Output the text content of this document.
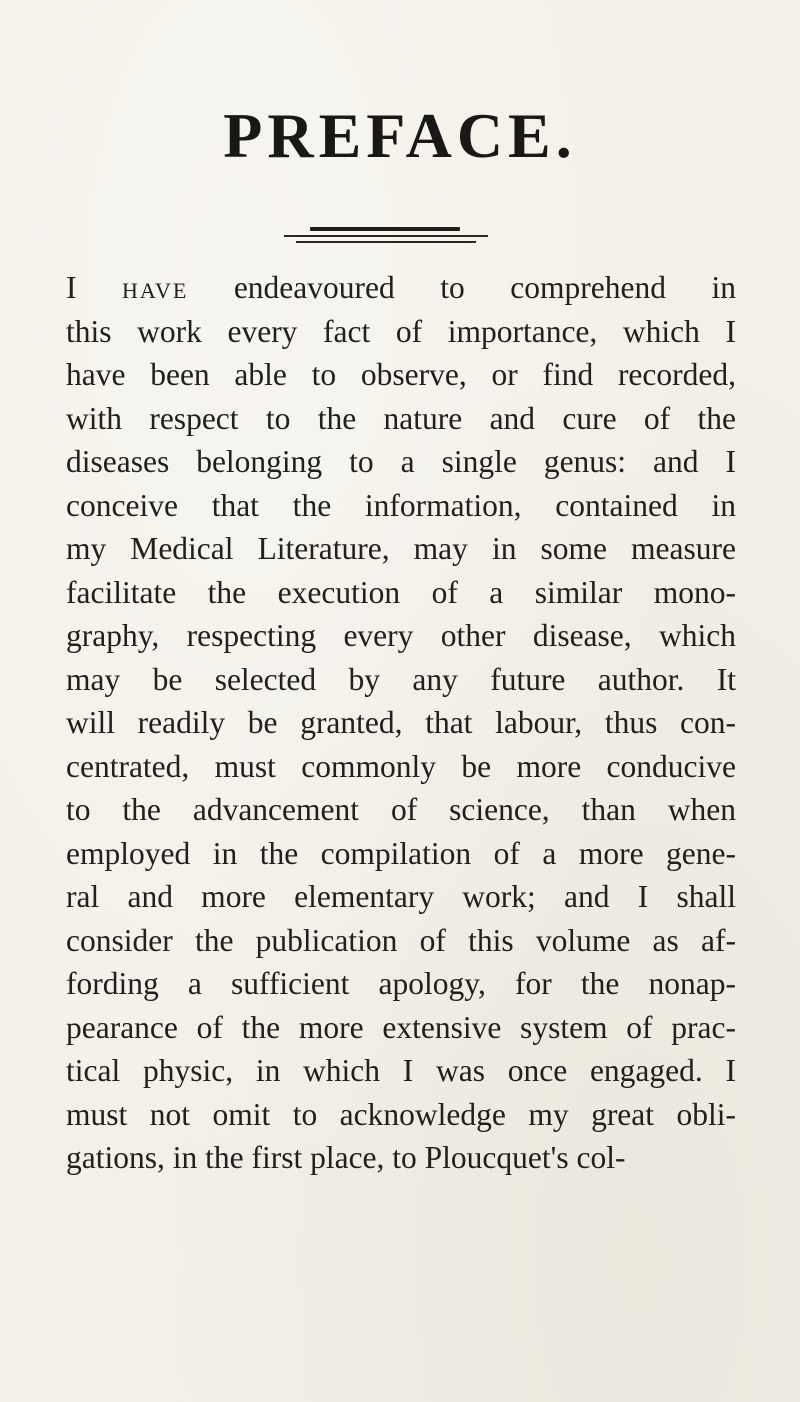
PREFACE.
I have endeavoured to comprehend in
this work every fact of importance, which I
have been able to observe, or find recorded,
with respect to the nature and cure of the
diseases belonging to a single genus: and I
conceive that the information, contained in
my Medical Literature, may in some measure
facilitate the execution of a similar mono-
graphy, respecting every other disease, which
may be selected by any future author. It
will readily be granted, that labour, thus con-
centrated, must commonly be more conducive
to the advancement of science, than when
employed in the compilation of a more gene-
ral and more elementary work; and I shall
consider the publication of this volume as af-
fording a sufficient apology, for the nonap-
pearance of the more extensive system of prac-
tical physic, in which I was once engaged. I
must not omit to acknowledge my great obli-
gations, in the first place, to Ploucquet's col-
